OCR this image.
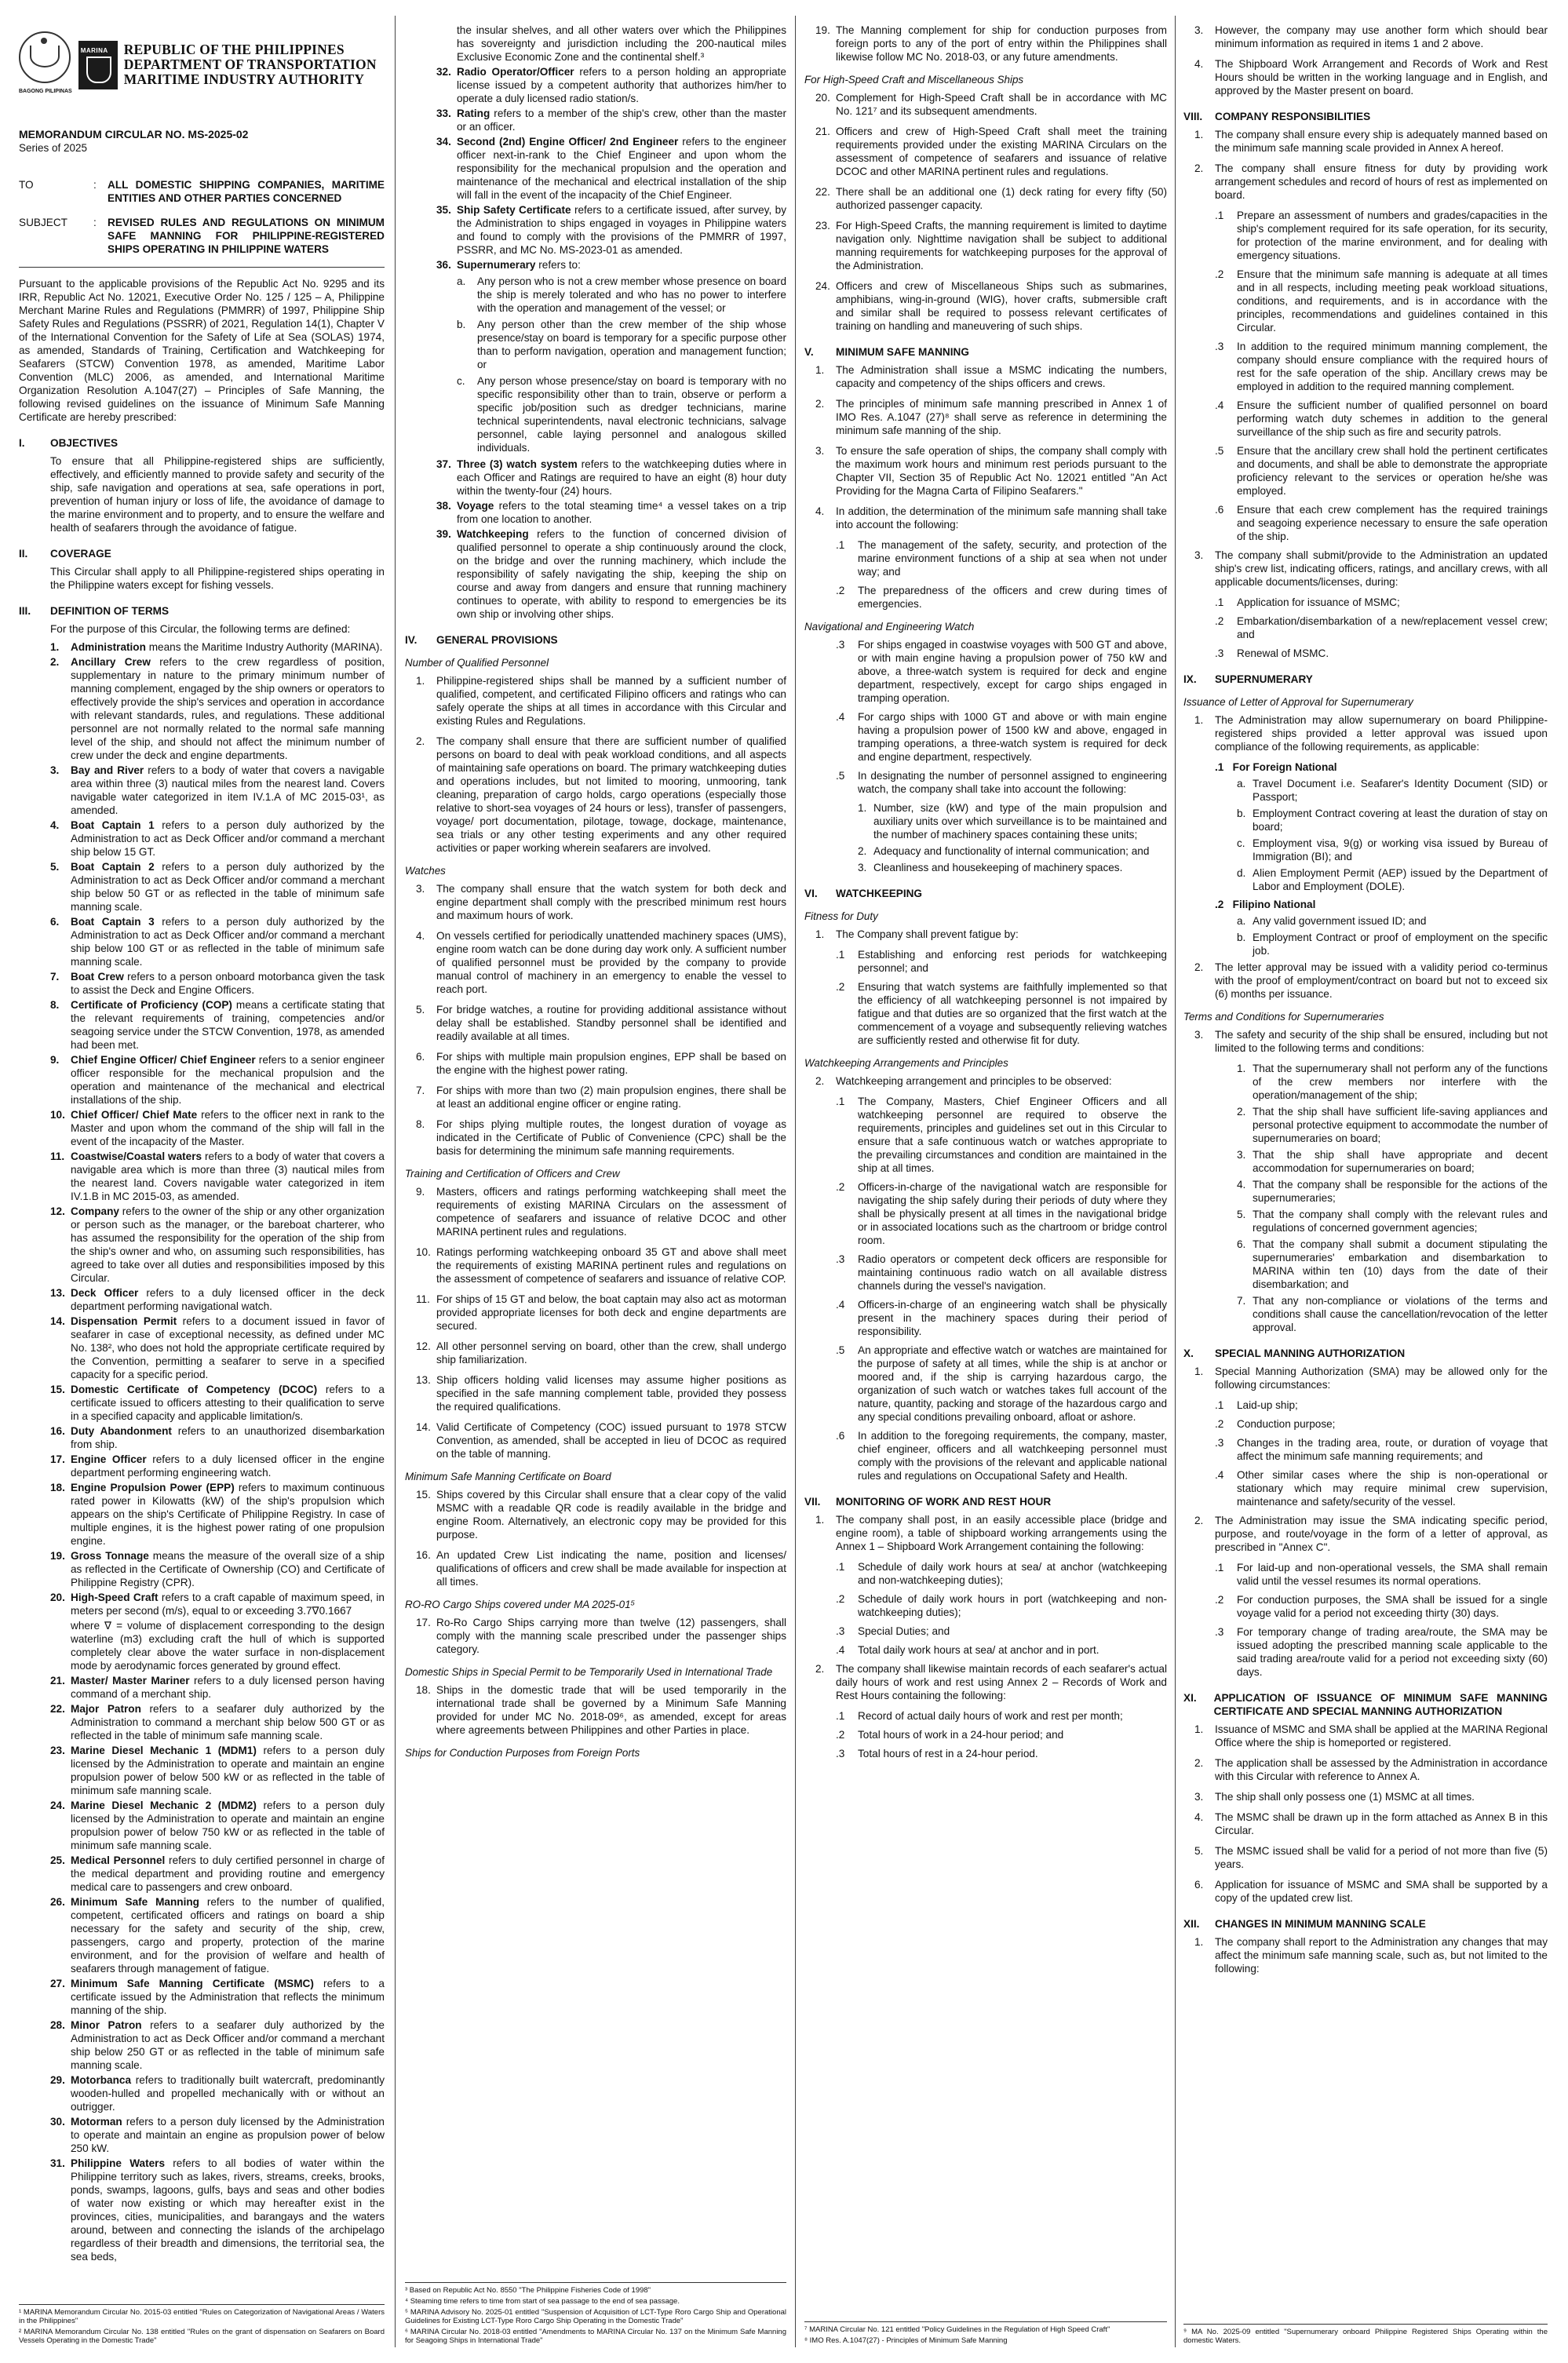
BAGONG PILIPINAS
MARINA
REPUBLIC OF THE PHILIPPINES
DEPARTMENT OF TRANSPORTATION
MARITIME INDUSTRY AUTHORITY
MEMORANDUM CIRCULAR NO. MS-2025-02
Series of 2025
TO	:	ALL DOMESTIC SHIPPING COMPANIES, MARITIME ENTITIES AND OTHER PARTIES CONCERNED
SUBJECT	:	REVISED RULES AND REGULATIONS ON MINIMUM SAFE MANNING FOR PHILIPPINE-REGISTERED SHIPS OPERATING IN PHILIPPINE WATERS

Pursuant to the applicable provisions of the Republic Act No. 9295 and its IRR, Republic Act No. 12021, Executive Order No. 125 / 125 – A, Philippine Merchant Marine Rules and Regulations (PMMRR) of 1997, Philippine Ship Safety Rules and Regulations (PSSRR) of 2021, Regulation 14(1), Chapter V of the International Convention for the Safety of Life at Sea (SOLAS) 1974, as amended, Standards of Training, Certification and Watchkeeping for Seafarers (STCW) Convention 1978, as amended, Maritime Labor Convention (MLC) 2006, as amended, and International Maritime Organization Resolution A.1047(27) – Principles of Safe Manning, the following revised guidelines on the issuance of Minimum Safe Manning Certificate are hereby prescribed:

I.	OBJECTIVES
To ensure that all Philippine-registered ships are sufficiently, effectively, and efficiently manned to provide safety and security of the ship, safe navigation and operations at sea, safe operations in port, prevention of human injury or loss of life, the avoidance of damage to the marine environment and to property, and to ensure the welfare and health of seafarers through the avoidance of fatigue.
II.	COVERAGE
This Circular shall apply to all Philippine-registered ships operating in the Philippine waters except for fishing vessels.
III. DEFINITION OF TERMS
For the purpose of this Circular, the following terms are defined:
1.	Administration means the Maritime Industry Authority (MARINA).
2.	Ancillary Crew refers to the crew regardless of position, supplementary in nature to the primary minimum number of manning complement, engaged by the ship owners or operators to effectively provide the ship's services and operation in accordance with relevant standards, rules, and regulations. These additional personnel are not normally related to the normal safe manning level of the ship, and should not affect the minimum number of crew under the deck and engine departments.
3.	Bay and River refers to a body of water that covers a navigable area within three (3) nautical miles from the nearest land. Covers navigable water categorized in item IV.1.A of MC 2015-03¹, as amended.
4.	Boat Captain 1 refers to a person duly authorized by the Administration to act as Deck Officer and/or command a merchant ship below 15 GT.
5.	Boat Captain 2 refers to a person duly authorized by the Administration to act as Deck Officer and/or command a merchant ship below 50 GT or as reflected in the table of minimum safe manning scale.
6.	Boat Captain 3 refers to a person duly authorized by the Administration to act as Deck Officer and/or command a merchant ship below 100 GT or as reflected in the table of minimum safe manning scale.
7.	Boat Crew refers to a person onboard motorbanca given the task to assist the Deck and Engine Officers.
8.	Certificate of Proficiency (COP) means a certificate stating that the relevant requirements of training, competencies and/or seagoing service under the STCW Convention, 1978, as amended had been met.
9.	Chief Engine Officer/ Chief Engineer refers to a senior engineer officer responsible for the mechanical propulsion and the operation and maintenance of the mechanical and electrical installations of the ship.
10. Chief Officer/ Chief Mate refers to the officer next in rank to the Master and upon whom the command of the ship will fall in the event of the incapacity of the Master.
11. Coastwise/Coastal waters refers to a body of water that covers a navigable area which is more than three (3) nautical miles from the nearest land. Covers navigable water categorized in item IV.1.B in MC 2015-03, as amended.
12. Company refers to the owner of the ship or any other organization or person such as the manager, or the bareboat charterer, who has assumed the responsibility for the operation of the ship from the ship's owner and who, on assuming such responsibilities, has agreed to take over all duties and responsibilities imposed by this Circular.
13. Deck Officer refers to a duly licensed officer in the deck department performing navigational watch.
14. Dispensation Permit refers to a document issued in favor of seafarer in case of exceptional necessity, as defined under MC No. 138², who does not hold the appropriate certificate required by the Convention, permitting a seafarer to serve in a specified capacity for a specific period.
15. Domestic Certificate of Competency (DCOC) refers to a certificate issued to officers attesting to their qualification to serve in a specified capacity and applicable limitation/s.
16. Duty Abandonment refers to an unauthorized disembarkation from ship.
17. Engine Officer refers to a duly licensed officer in the engine department performing engineering watch.
18. Engine Propulsion Power (EPP) refers to maximum continuous rated power in Kilowatts (kW) of the ship's propulsion which appears on the ship's Certificate of Philippine Registry. In case of multiple engines, it is the highest power rating of one propulsion engine.
19. Gross Tonnage means the measure of the overall size of a ship as reflected in the Certificate of Ownership (CO) and Certificate of Philippine Registry (CPR).
20. High-Speed Craft refers to a craft capable of maximum speed, in meters per second (m/s), equal to or exceeding 3.7∇0.1667
where ∇ = volume of displacement corresponding to the design waterline (m3) excluding craft the hull of which is supported completely clear above the water surface in non-displacement mode by aerodynamic forces generated by ground effect.
21. Master/ Master Mariner refers to a duly licensed person having command of a merchant ship.
22. Major Patron refers to a seafarer duly authorized by the Administration to command a merchant ship below 500 GT or as reflected in the table of minimum safe manning scale.
23. Marine Diesel Mechanic 1 (MDM1) refers to a person duly licensed by the Administration to operate and maintain an engine propulsion power of below 500 kW or as reflected in the table of minimum safe manning scale.
24. Marine Diesel Mechanic 2 (MDM2) refers to a person duly licensed by the Administration to operate and maintain an engine propulsion power of below 750 kW or as reflected in the table of minimum safe manning scale.
25. Medical Personnel refers to duly certified personnel in charge of the medical department and providing routine and emergency medical care to passengers and crew onboard.
26. Minimum Safe Manning refers to the number of qualified, competent, certificated officers and ratings on board a ship necessary for the safety and security of the ship, crew, passengers, cargo and property, protection of the marine environment, and for the provision of welfare and health of seafarers through management of fatigue.
27. Minimum Safe Manning Certificate (MSMC) refers to a certificate issued by the Administration that reflects the minimum manning of the ship.
28. Minor Patron refers to a seafarer duly authorized by the Administration to act as Deck Officer and/or command a merchant ship below 250 GT or as reflected in the table of minimum safe manning scale.
29. Motorbanca refers to traditionally built watercraft, predominantly wooden-hulled and propelled mechanically with or without an outrigger.
30. Motorman refers to a person duly licensed by the Administration to operate and maintain an engine as propulsion power of below 250 kW.
31. Philippine Waters refers to all bodies of water within the Philippine territory such as lakes, rivers, streams, creeks, brooks, ponds, swamps, lagoons, gulfs, bays and seas and other bodies of water now existing or which may hereafter exist in the provinces, cities, municipalities, and barangays and the waters around, between and connecting the islands of the archipelago regardless of their breadth and dimensions, the territorial sea, the sea beds,
¹ MARINA Memorandum Circular No. 2015-03 entitled "Rules on Categorization of Navigational Areas / Waters in the Philippines"
² MARINA Memorandum Circular No. 138 entitled "Rules on the grant of dispensation on Seafarers on Board Vessels Operating in the Domestic Trade"
the insular shelves, and all other waters over which the Philippines has sovereignty and jurisdiction including the 200-nautical miles Exclusive Economic Zone and the continental shelf.³
32. Radio Operator/Officer refers to a person holding an appropriate license issued by a competent authority that authorizes him/her to operate a duly licensed radio station/s.
33. Rating refers to a member of the ship's crew, other than the master or an officer.
34. Second (2nd) Engine Officer/ 2nd Engineer refers to the engineer officer next-in-rank to the Chief Engineer and upon whom the responsibility for the mechanical propulsion and the operation and maintenance of the mechanical and electrical installation of the ship will fall in the event of the incapacity of the Chief Engineer.
35. Ship Safety Certificate refers to a certificate issued, after survey, by the Administration to ships engaged in voyages in Philippine waters and found to comply with the provisions of the PMMRR of 1997, PSSRR, and MC No. MS-2023-01 as amended.
36. Supernumerary refers to:
a.	Any person who is not a crew member whose presence on board the ship is merely tolerated and who has no power to interfere with the operation and management of the vessel; or
b.	Any person other than the crew member of the ship whose presence/stay on board is temporary for a specific purpose other than to perform navigation, operation and management function; or
c.	Any person whose presence/stay on board is temporary with no specific responsibility other than to train, observe or perform a specific job/position such as dredger technicians, marine technical superintendents, naval electronic technicians, salvage personnel, cable laying personnel and analogous skilled individuals.
37. Three (3) watch system refers to the watchkeeping duties where in each Officer and Ratings are required to have an eight (8) hour duty within the twenty-four (24) hours.
38. Voyage refers to the total steaming time⁴ a vessel takes on a trip from one location to another.
39. Watchkeeping refers to the function of concerned division of qualified personnel to operate a ship continuously around the clock, on the bridge and over the running machinery, which include the responsibility of safely navigating the ship, keeping the ship on course and away from dangers and ensure that running machinery continues to operate, with ability to respond to emergencies be its own ship or involving other ships.
IV. GENERAL PROVISIONS
Number of Qualified Personnel
1.	Philippine-registered ships shall be manned by a sufficient number of qualified, competent, and certificated Filipino officers and ratings who can safely operate the ships at all times in accordance with this Circular and existing Rules and Regulations.
2.	The company shall ensure that there are sufficient number of qualified persons on board to deal with peak workload conditions, and all aspects of maintaining safe operations on board. The primary watchkeeping duties and operations includes, but not limited to mooring, unmooring, tank cleaning, preparation of cargo holds, cargo operations (especially those relative to short-sea voyages of 24 hours or less), transfer of passengers, voyage/ port documentation, pilotage, towage, dockage, maintenance, sea trials or any other testing experiments and any other required activities or paper working wherein seafarers are involved.
Watches
3.	The company shall ensure that the watch system for both deck and engine department shall comply with the prescribed minimum rest hours and maximum hours of work.
4.	On vessels certified for periodically unattended machinery spaces (UMS), engine room watch can be done during day work only. A sufficient number of qualified personnel must be provided by the company to provide manual control of machinery in an emergency to enable the vessel to reach port.
5.	For bridge watches, a routine for providing additional assistance without delay shall be established. Standby personnel shall be identified and readily available at all times.
6.	For ships with multiple main propulsion engines, EPP shall be based on the engine with the highest power rating.
7.	For ships with more than two (2) main propulsion engines, there shall be at least an additional engine officer or engine rating.
8.	For ships plying multiple routes, the longest duration of voyage as indicated in the Certificate of Public of Convenience (CPC) shall be the basis for determining the minimum safe manning requirements.
Training and Certification of Officers and Crew
9.	Masters, officers and ratings performing watchkeeping shall meet the requirements of existing MARINA Circulars on the assessment of competence of seafarers and issuance of relative DCOC and other MARINA pertinent rules and regulations.
10. Ratings performing watchkeeping onboard 35 GT and above shall meet the requirements of existing MARINA pertinent rules and regulations on the assessment of competence of seafarers and issuance of relative COP.
11. For ships of 15 GT and below, the boat captain may also act as motorman provided appropriate licenses for both deck and engine departments are secured.
12. All other personnel serving on board, other than the crew, shall undergo ship familiarization.
13. Ship officers holding valid licenses may assume higher positions as specified in the safe manning complement table, provided they possess the required qualifications.
14. Valid Certificate of Competency (COC) issued pursuant to 1978 STCW Convention, as amended, shall be accepted in lieu of DCOC as required on the table of manning.
Minimum Safe Manning Certificate on Board
15. Ships covered by this Circular shall ensure that a clear copy of the valid MSMC with a readable QR code is readily available in the bridge and engine Room. Alternatively, an electronic copy may be provided for this purpose.
16. An updated Crew List indicating the name, position and licenses/ qualifications of officers and crew shall be made available for inspection at all times.
RO-RO Cargo Ships covered under MA 2025-01⁵
17. Ro-Ro Cargo Ships carrying more than twelve (12) passengers, shall comply with the manning scale prescribed under the passenger ships category.
Domestic Ships in Special Permit to be Temporarily Used in International Trade
18. Ships in the domestic trade that will be used temporarily in the international trade shall be governed by a Minimum Safe Manning provided for under MC No. 2018-09⁶, as amended, except for areas where agreements between Philippines and other Parties in place.
Ships for Conduction Purposes from Foreign Ports
³ Based on Republic Act No. 8550 "The Philippine Fisheries Code of 1998"
⁴ Steaming time refers to time from start of sea passage to the end of sea passage.
⁵ MARINA Advisory No. 2025-01 entitled "Suspension of Acquisition of LCT-Type Roro Cargo Ship and Operational Guidelines for Existing LCT-Type Roro Cargo Ship Operating in the Domestic Trade"
⁶ MARINA Circular No. 2018-03 entitled "Amendments to MARINA Circular No. 137 on the Minimum Safe Manning for Seagoing Ships in International Trade"
19. The Manning complement for ship for conduction purposes from foreign ports to any of the port of entry within the Philippines shall likewise follow MC No. 2018-03, or any future amendments.
For High-Speed Craft and Miscellaneous Ships
20. Complement for High-Speed Craft shall be in accordance with MC No. 121⁷ and its subsequent amendments.
21. Officers and crew of High-Speed Craft shall meet the training requirements provided under the existing MARINA Circulars on the assessment of competence of seafarers and issuance of relative DCOC and other MARINA pertinent rules and regulations.
22. There shall be an additional one (1) deck rating for every fifty (50) authorized passenger capacity.
23. For High-Speed Crafts, the manning requirement is limited to daytime navigation only. Nighttime navigation shall be subject to additional manning requirements for watchkeeping purposes for the approval of the Administration.
24. Officers and crew of Miscellaneous Ships such as submarines, amphibians, wing-in-ground (WIG), hover crafts, submersible craft and similar shall be required to possess relevant certificates of training on handling and maneuvering of such ships.
V.	MINIMUM SAFE MANNING
1.	The Administration shall issue a MSMC indicating the numbers, capacity and competency of the ships officers and crews.
2.	The principles of minimum safe manning prescribed in Annex 1 of IMO Res. A.1047 (27)⁸ shall serve as reference in determining the minimum safe manning of the ship.
3.	To ensure the safe operation of ships, the company shall comply with the maximum work hours and minimum rest periods pursuant to the Chapter VII, Section 35 of Republic Act No. 12021 entitled "An Act Providing for the Magna Carta of Filipino Seafarers."
4.	In addition, the determination of the minimum safe manning shall take into account the following:
.1	The management of the safety, security, and protection of the marine environment functions of a ship at sea when not under way; and
.2	The preparedness of the officers and crew during times of emergencies.
Navigational and Engineering Watch
.3	For ships engaged in coastwise voyages with 500 GT and above, or with main engine having a propulsion power of 750 kW and above, a three-watch system is required for deck and engine department, respectively, except for cargo ships engaged in tramping operation.
.4	For cargo ships with 1000 GT and above or with main engine having a propulsion power of 1500 kW and above, engaged in tramping operations, a three-watch system is required for deck and engine department, respectively.
.5	In designating the number of personnel assigned to engineering watch, the company shall take into account the following:
1. Number, size (kW) and type of the main propulsion and auxiliary units over which surveillance is to be maintained and the number of machinery spaces containing these units;
2. Adequacy and functionality of internal communication; and
3. Cleanliness and housekeeping of machinery spaces.
VI. WATCHKEEPING
Fitness for Duty
1.	The Company shall prevent fatigue by:
.1	Establishing and enforcing rest periods for watchkeeping personnel; and
.2	Ensuring that watch systems are faithfully implemented so that the efficiency of all watchkeeping personnel is not impaired by fatigue and that duties are so organized that the first watch at the commencement of a voyage and subsequently relieving watches are sufficiently rested and otherwise fit for duty.
Watchkeeping Arrangements and Principles
2.	Watchkeeping arrangement and principles to be observed:
.1	The Company, Masters, Chief Engineer Officers and all watchkeeping personnel are required to observe the requirements, principles and guidelines set out in this Circular to ensure that a safe continuous watch or watches appropriate to the prevailing circumstances and condition are maintained in the ship at all times.
.2	Officers-in-charge of the navigational watch are responsible for navigating the ship safely during their periods of duty where they shall be physically present at all times in the navigational bridge or in associated locations such as the chartroom or bridge control room.
.3	Radio operators or competent deck officers are responsible for maintaining continuous radio watch on all available distress channels during the vessel's navigation.
.4	Officers-in-charge of an engineering watch shall be physically present in the machinery spaces during their period of responsibility.
.5	An appropriate and effective watch or watches are maintained for the purpose of safety at all times, while the ship is at anchor or moored and, if the ship is carrying hazardous cargo, the organization of such watch or watches takes full account of the nature, quantity, packing and storage of the hazardous cargo and any special conditions prevailing onboard, afloat or ashore.
.6	In addition to the foregoing requirements, the company, master, chief engineer, officers and all watchkeeping personnel must comply with the provisions of the relevant and applicable national rules and regulations on Occupational Safety and Health.
VII. MONITORING OF WORK AND REST HOUR
1.	The company shall post, in an easily accessible place (bridge and engine room), a table of shipboard working arrangements using the Annex 1 – Shipboard Work Arrangement containing the following:
.1	Schedule of daily work hours at sea/ at anchor (watchkeeping and non-watchkeeping duties);
.2	Schedule of daily work hours in port (watchkeeping and non-watchkeeping duties);
.3	Special Duties; and
.4	Total daily work hours at sea/ at anchor and in port.
2.	The company shall likewise maintain records of each seafarer's actual daily hours of work and rest using Annex 2 – Records of Work and Rest Hours containing the following:
.1	Record of actual daily hours of work and rest per month;
.2	Total hours of work in a 24-hour period; and
.3	Total hours of rest in a 24-hour period.
⁷ MARINA Circular No. 121 entitled "Policy Guidelines in the Regulation of High Speed Craft"
⁸ IMO Res. A.1047(27) - Principles of Minimum Safe Manning
3.	However, the company may use another form which should bear minimum information as required in items 1 and 2 above.
4.	The Shipboard Work Arrangement and Records of Work and Rest Hours should be written in the working language and in English, and approved by the Master present on board.
VIII. COMPANY RESPONSIBILITIES
1.	The company shall ensure every ship is adequately manned based on the minimum safe manning scale provided in Annex A hereof.
2.	The company shall ensure fitness for duty by providing work arrangement schedules and record of hours of rest as implemented on board.
.1	Prepare an assessment of numbers and grades/capacities in the ship's complement required for its safe operation, for its security, for protection of the marine environment, and for dealing with emergency situations.
.2	Ensure that the minimum safe manning is adequate at all times and in all respects, including meeting peak workload situations, conditions, and requirements, and is in accordance with the principles, recommendations and guidelines contained in this Circular.
.3	In addition to the required minimum manning complement, the company should ensure compliance with the required hours of rest for the safe operation of the ship. Ancillary crews may be employed in addition to the required manning complement.
.4	Ensure the sufficient number of qualified personnel on board performing watch duty schemes in addition to the general surveillance of the ship such as fire and security patrols.
.5	Ensure that the ancillary crew shall hold the pertinent certificates and documents, and shall be able to demonstrate the appropriate proficiency relevant to the services or operation he/she was employed.
.6	Ensure that each crew complement has the required trainings and seagoing experience necessary to ensure the safe operation of the ship.
3.	The company shall submit/provide to the Administration an updated ship's crew list, indicating officers, ratings, and ancillary crews, with all applicable documents/licenses, during:
.1	Application for issuance of MSMC;
.2	Embarkation/disembarkation of a new/replacement vessel crew; and
.3	Renewal of MSMC.
IX. SUPERNUMERARY
Issuance of Letter of Approval for Supernumerary
1.	The Administration may allow supernumerary on board Philippine-registered ships provided a letter approval was issued upon compliance of the following requirements, as applicable:
.1   For Foreign National
a. Travel Document i.e. Seafarer's Identity Document (SID) or Passport;
b. Employment Contract covering at least the duration of stay on board;
c. Employment visa, 9(g) or working visa issued by Bureau of Immigration (BI); and
d. Alien Employment Permit (AEP) issued by the Department of Labor and Employment (DOLE).
.2   Filipino National
a. Any valid government issued ID; and
b. Employment Contract or proof of employment on the specific job.
2.	The letter approval may be issued with a validity period co-terminus with the proof of employment/contract on board but not to exceed six (6) months per issuance.
Terms and Conditions for Supernumeraries
3.	The safety and security of the ship shall be ensured, including but not limited to the following terms and conditions:
1. That the supernumerary shall not perform any of the functions of the crew members nor interfere with the operation/management of the ship;
2. That the ship shall have sufficient life-saving appliances and personal protective equipment to accommodate the number of supernumeraries on board;
3. That the ship shall have appropriate and decent accommodation for supernumeraries on board;
4. That the company shall be responsible for the actions of the supernumeraries;
5. That the company shall comply with the relevant rules and regulations of concerned government agencies;
6. That the company shall submit a document stipulating the supernumeraries' embarkation and disembarkation to MARINA within ten (10) days from the date of their disembarkation; and
7. That any non-compliance or violations of the terms and conditions shall cause the cancellation/revocation of the letter approval.
X.	SPECIAL MANNING AUTHORIZATION
1.	Special Manning Authorization (SMA) may be allowed only for the following circumstances:
.1	Laid-up ship;
.2	Conduction purpose;
.3	Changes in the trading area, route, or duration of voyage that affect the minimum safe manning requirements; and
.4	Other similar cases where the ship is non-operational or stationary which may require minimal crew supervision, maintenance and safety/security of the vessel.
2.	The Administration may issue the SMA indicating specific period, purpose, and route/voyage in the form of a letter of approval, as prescribed in "Annex C".
.1	For laid-up and non-operational vessels, the SMA shall remain valid until the vessel resumes its normal operations.
.2	For conduction purposes, the SMA shall be issued for a single voyage valid for a period not exceeding thirty (30) days.
.3	For temporary change of trading area/route, the SMA may be issued adopting the prescribed manning scale applicable to the said trading area/route valid for a period not exceeding sixty (60) days.
XI. APPLICATION OF ISSUANCE OF MINIMUM SAFE MANNING CERTIFICATE AND SPECIAL MANNING AUTHORIZATION
1.	Issuance of MSMC and SMA shall be applied at the MARINA Regional Office where the ship is homeported or registered.
2.	The application shall be assessed by the Administration in accordance with this Circular with reference to Annex A.
3.	The ship shall only possess one (1) MSMC at all times.
4.	The MSMC shall be drawn up in the form attached as Annex B in this Circular.
5.	The MSMC issued shall be valid for a period of not more than five (5) years.
6.	Application for issuance of MSMC and SMA shall be supported by a copy of the updated crew list.
XII. CHANGES IN MINIMUM MANNING SCALE
1.	The company shall report to the Administration any changes that may affect the minimum safe manning scale, such as, but not limited to the following:
⁹ MA No. 2025-09 entitled "Supernumerary onboard Philippine Registered Ships Operating within the domestic Waters.
